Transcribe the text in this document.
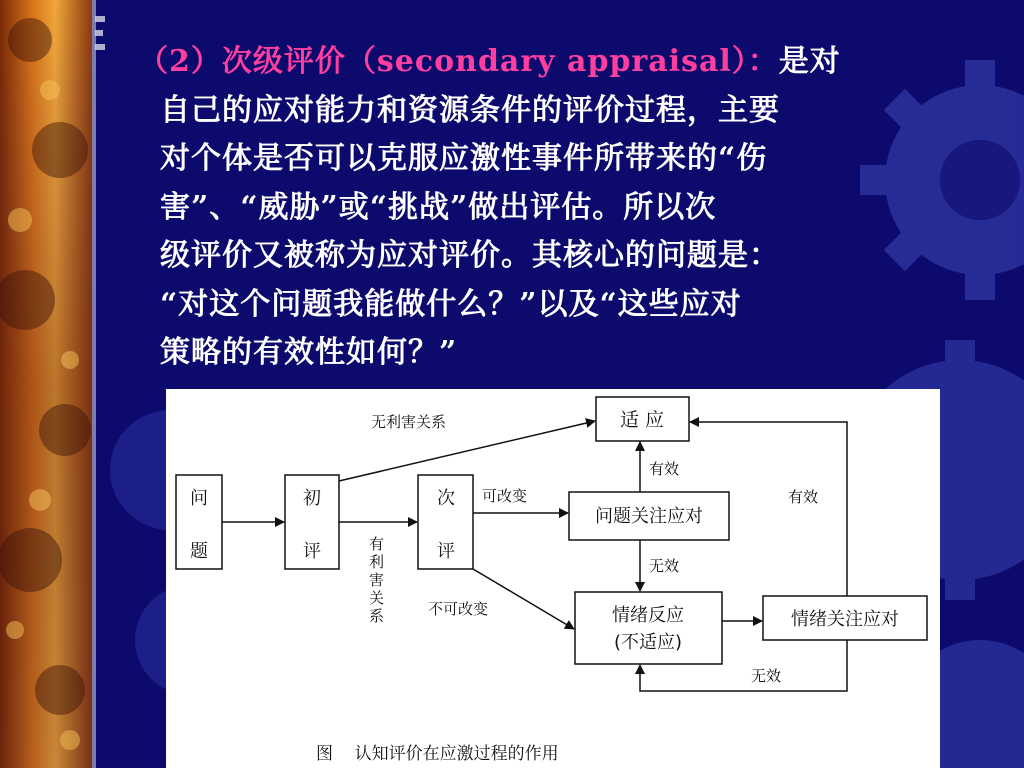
（2）次级评价（secondary appraisal）：是对
自己的应对能力和资源条件的评价过程，主要
对个体是否可以克服应激性事件所带来的“伤
害”、“威胁”或“挑战”做出评估。所以次
级评价又被称为应对评价。其核心的问题是：
“对这个问题我能做什么？”以及“这些应对
策略的有效性如何？”
问
题
初
评
次
评
适 应
问题关注应对
情绪反应
(不适应)
情绪关注应对
无利害关系
有
利
害
关
系
可改变
不可改变
有效
无效
有效
无效
图    认知评价在应激过程的作用
